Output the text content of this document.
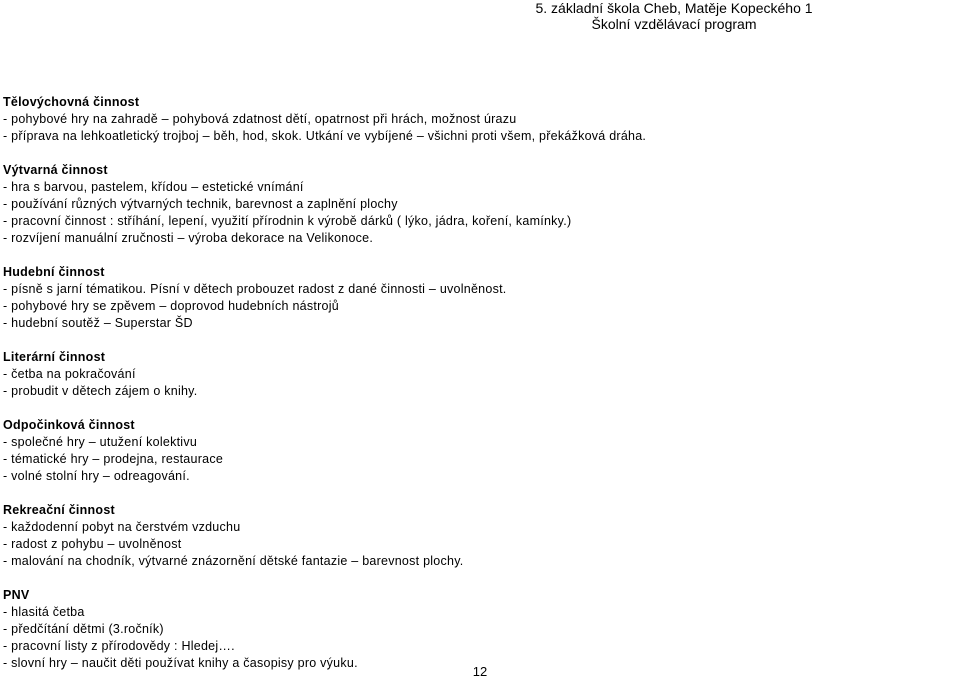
5. základní škola Cheb, Matěje Kopeckého 1
Školní vzdělávací program
Tělovýchovná činnost
- pohybové hry na zahradě – pohybová zdatnost dětí, opatrnost při hrách, možnost úrazu
- příprava na lehkoatletický trojboj – běh, hod, skok. Utkání ve vybíjené – všichni proti všem, překážková dráha.
Výtvarná činnost
- hra s barvou, pastelem, křídou – estetické vnímání
- používání různých výtvarných technik, barevnost a zaplnění plochy
- pracovní činnost : stříhání, lepení, využití přírodnin k výrobě dárků ( lýko, jádra, koření, kamínky.)
- rozvíjení manuální zručnosti – výroba dekorace na Velikonoce.
Hudební činnost
- písně s jarní tématikou. Písní v dětech probouzet radost z dané činnosti – uvolněnost.
- pohybové hry se zpěvem – doprovod hudebních nástrojů
- hudební soutěž – Superstar ŠD
Literární činnost
- četba na pokračování
- probudit v dětech zájem o knihy.
Odpočinková činnost
- společné hry – utužení kolektivu
- tématické hry – prodejna, restaurace
- volné stolní hry – odreagování.
Rekreační činnost
- každodenní pobyt na čerstvém vzduchu
- radost z pohybu – uvolněnost
- malování na chodník, výtvarné znázornění dětské fantazie – barevnost plochy.
PNV
- hlasitá četba
- předčítání dětmi (3.ročník)
- pracovní listy z přírodovědy : Hledej….
- slovní hry – naučit děti používat knihy a časopisy pro výuku.
12
